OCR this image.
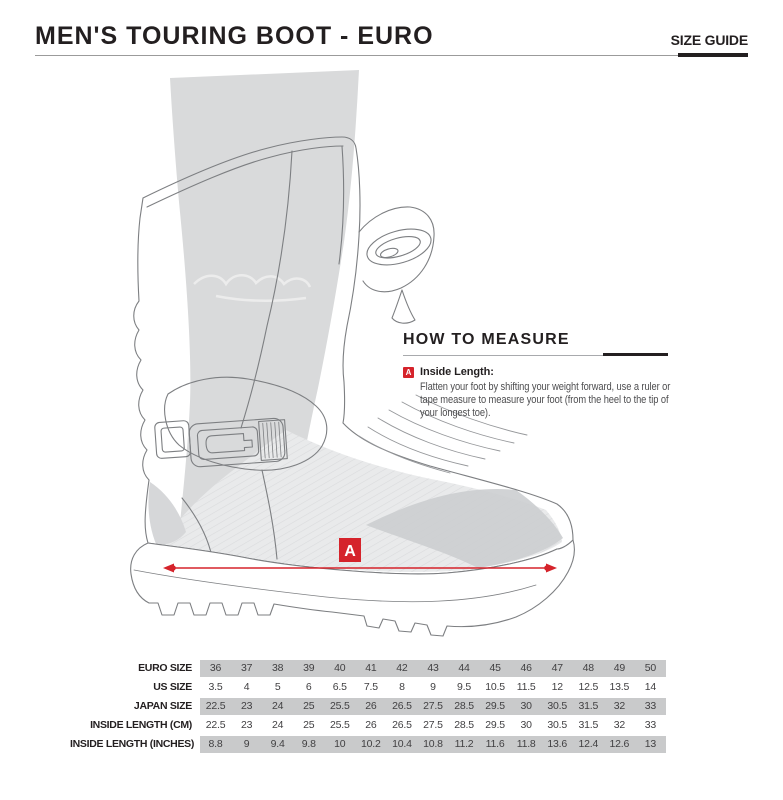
MEN'S TOURING BOOT - EURO	SIZE GUIDE
A
HOW TO MEASURE
A Inside Length:
Flatten your foot by shifting your weight forward, use a ruler or tape measure to measure your foot (from the heel to the tip of your longest toe).
EURO SIZE	36	37	38	39	40	41	42	43	44	45	46	47	48	49	50
US SIZE	3.5	4	5	6	6.5	7.5	8	9	9.5	10.5	11.5	12	12.5	13.5	14
JAPAN SIZE	22.5	23	24	25	25.5	26	26.5	27.5	28.5	29.5	30	30.5	31.5	32	33
INSIDE LENGTH (CM)	22.5	23	24	25	25.5	26	26.5	27.5	28.5	29.5	30	30.5	31.5	32	33
INSIDE LENGTH (INCHES)	8.8	9	9.4	9.8	10	10.2	10.4	10.8	11.2	11.6	11.8	13.6	12.4	12.6	13
